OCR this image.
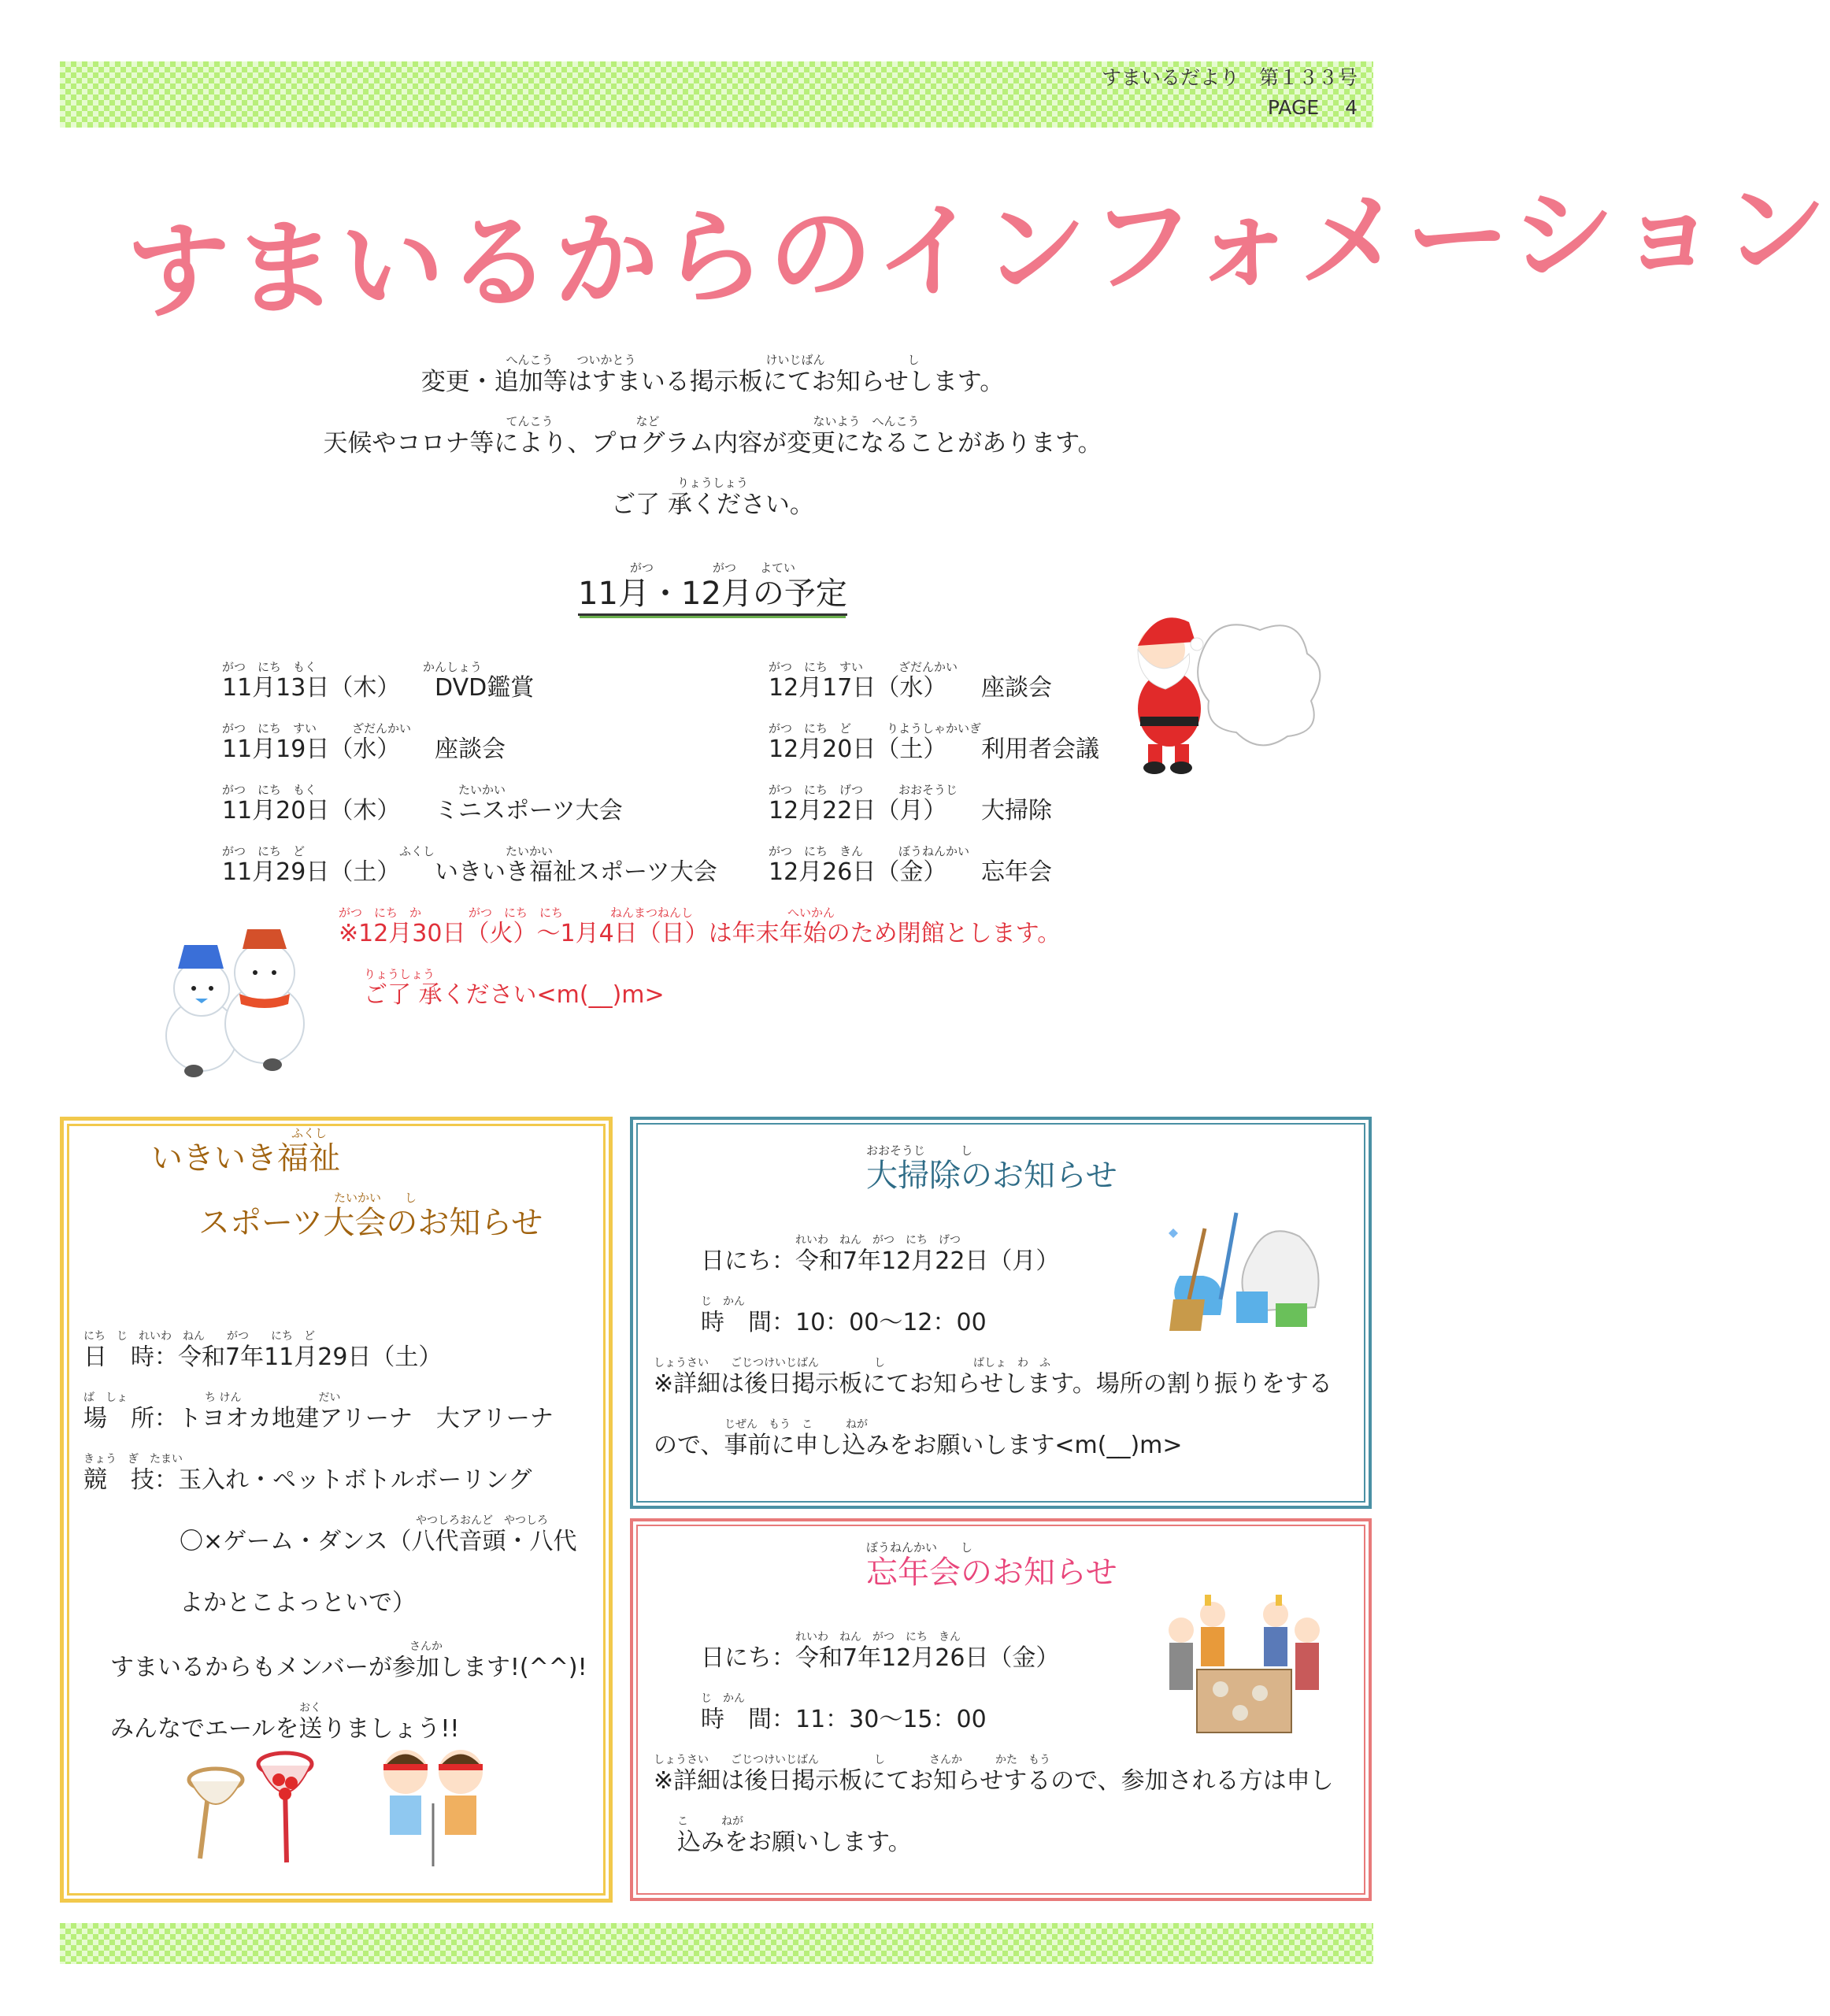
すまいるだより　第１３３号
PAGE　 4
すまいるからのインフォメーション
へんこう　　ついかとう　　　　　　　　　　　けいじばん　　　　　　　し
変更・追加等はすまいる掲示板にてお知らせします。
てんこう　　　　　　　など　　　　　　　　　　　　　ないよう　へんこう
天候やコロナ等により、プログラム内容が変更になることがあります。
りょうしょう
ご了 承ください。
がつ　　　　　がつ　　よてい
11月・12月の予定
がつ　にち　もく　　　　　　　　　かんしょう
11月13日（木） DVD鑑賞
がつ　にち　すい　　　ざだんかい
11月19日（水） 座談会
がつ　にち　もく　　　　　　　　　　　　たいかい
11月20日（木） ミニスポーツ大会
がつ　にち　ど　　　　　　　　ふくし　　　　　　たいかい
11月29日（土） いきいき福祉スポーツ大会
がつ　にち　すい　　　ざだんかい
12月17日（水） 座談会
がつ　にち　ど　　　りようしゃかいぎ
12月20日（土） 利用者会議
がつ　にち　げつ　　　おおそうじ
12月22日（月） 大掃除
がつ　にち　きん　　　ぼうねんかい
12月26日（金） 忘年会
がつ　にち　か　　　　がつ　にち　にち　　　　ねんまつねんし　　　　　　　　へいかん
※12月30日（火）～1月4日（日）は年末年始のため閉館とします。
りょうしょう
ご了 承ください<m(__)m>
ふくし
いきいき福祉
たいかい　　し
スポーツ大会のお知らせ
にち　じ　れいわ　ねん　　がつ　　にち　ど
日　時：令和7年11月29日（土）
ば　しょ　　　　　　　ち けん　　　　　　　だい
場　所：トヨオカ地建アリーナ　大アリーナ
きょう　ぎ　たまい
競　技：玉入れ・ペットボトルボーリング
やつしろおんど　やつしろ
〇×ゲーム・ダンス（八代音頭・八代
よかとこよっといで）
さんか
すまいるからもメンバーが参加します!(^^)!
おく
みんなでエールを送りましょう!!
おおそうじ　　　し
大掃除のお知らせ
れいわ　ねん　がつ　にち　げつ
日にち：令和7年12月22日（月）
じ　かん
時　間：10：00～12：00
しょうさい　　ごじつけいじばん　　　　　し　　　　　　　　ばしょ　わ　ふ
※詳細は後日掲示板にてお知らせします。場所の割り振りをする
じぜん　もう　こ　　　ねが
ので、事前に申し込みをお願いします<m(__)m>
ぼうねんかい　　し
忘年会のお知らせ
れいわ　ねん　がつ　にち　きん
日にち：令和7年12月26日（金）
じ　かん
時　間：11：30～15：00
しょうさい　　ごじつけいじばん　　　　　し　　　　さんか　　　かた　もう
※詳細は後日掲示板にてお知らせするので、参加される方は申し
こ　　　ねが
込みをお願いします。
